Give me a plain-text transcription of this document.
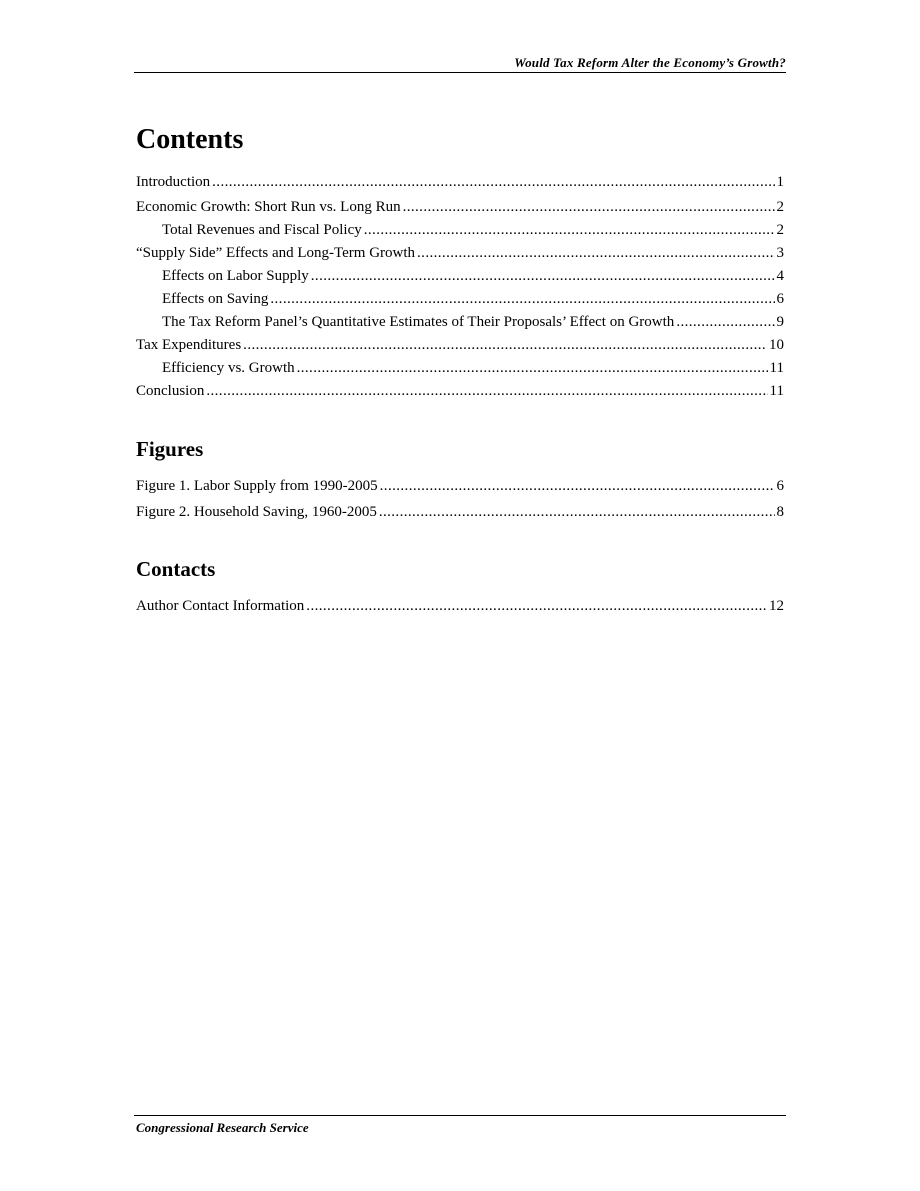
Would Tax Reform Alter the Economy’s Growth?
Contents
Introduction .....	1
Economic Growth: Short Run vs. Long Run .....	2
Total Revenues and Fiscal Policy .....	2
“Supply Side” Effects and Long-Term Growth .....	3
Effects on Labor Supply .....	4
Effects on Saving .....	6
The Tax Reform Panel’s Quantitative Estimates of Their Proposals’ Effect on Growth .....	9
Tax Expenditures .....	10
Efficiency vs. Growth .....	11
Conclusion .....	11
Figures
Figure 1. Labor Supply from 1990-2005 .....	6
Figure 2. Household Saving, 1960-2005 .....	8
Contacts
Author Contact Information .....	12
Congressional Research Service
